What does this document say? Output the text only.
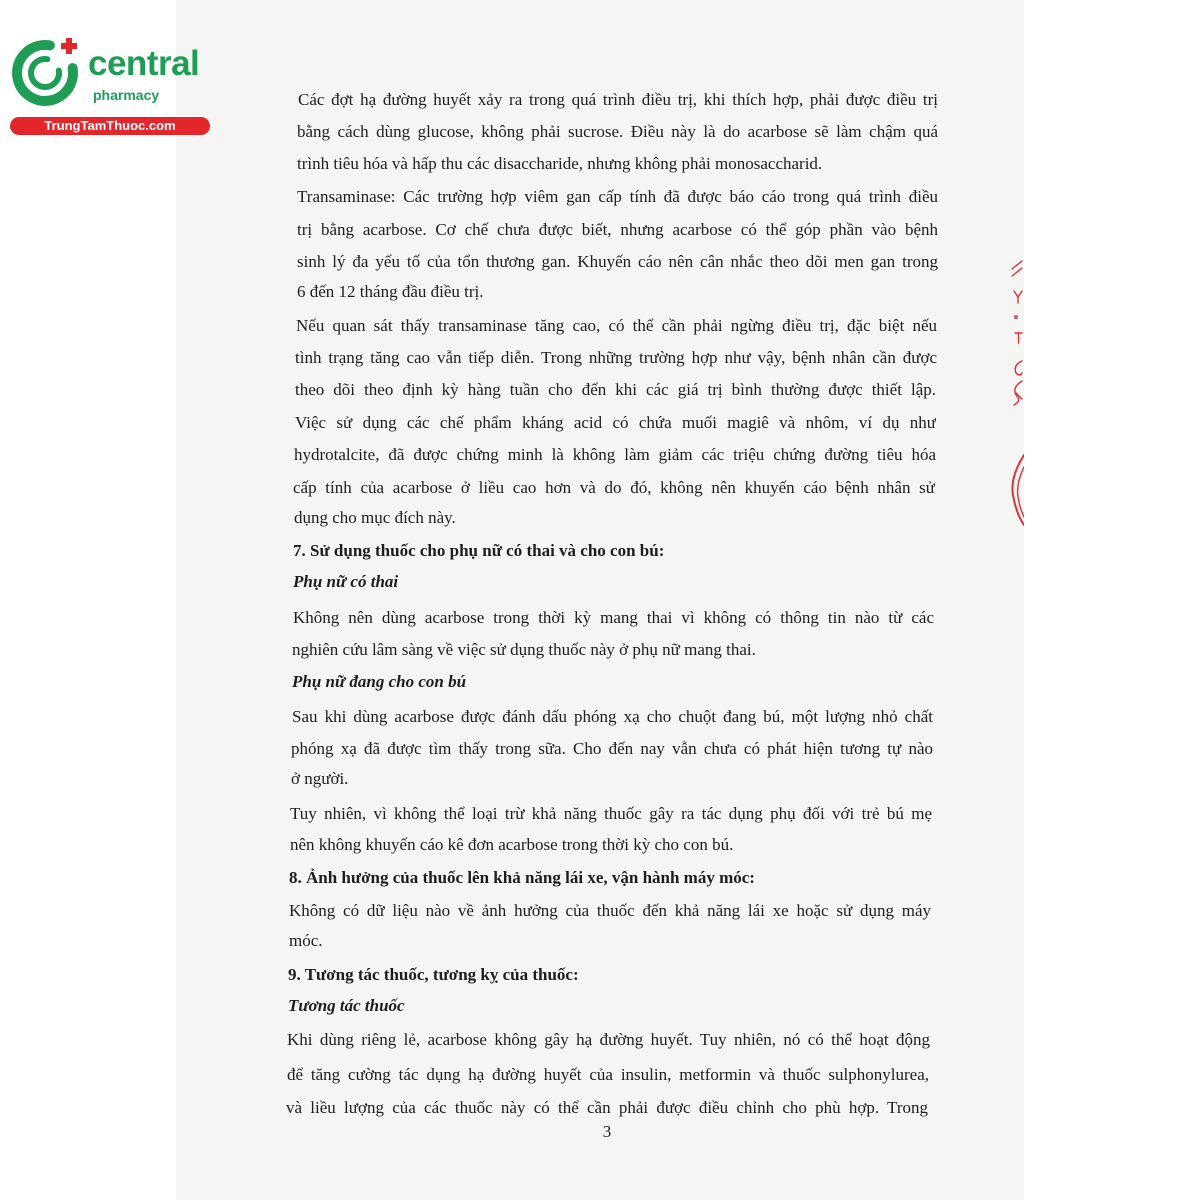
central
pharmacy
TrungTamThuoc.com
Các đợt hạ đường huyết xảy ra trong quá trình điều trị, khi thích hợp, phải được điều trị
bằng cách dùng glucose, không phải sucrose. Điều này là do acarbose sẽ làm chậm quá
trình tiêu hóa và hấp thu các disaccharide, nhưng không phải monosaccharid.
Transaminase: Các trường hợp viêm gan cấp tính đã được báo cáo trong quá trình điều
trị bằng acarbose. Cơ chế chưa được biết, nhưng acarbose có thể góp phần vào bệnh
sinh lý đa yếu tố của tổn thương gan. Khuyến cáo nên cân nhắc theo dõi men gan trong
6 đến 12 tháng đầu điều trị.
Nếu quan sát thấy transaminase tăng cao, có thể cần phải ngừng điều trị, đặc biệt nếu
tình trạng tăng cao vẫn tiếp diễn. Trong những trường hợp như vậy, bệnh nhân cần được
theo dõi theo định kỳ hàng tuần cho đến khi các giá trị bình thường được thiết lập.
Việc sử dụng các chế phẩm kháng acid có chứa muối magiê và nhôm, ví dụ như
hydrotalcite, đã được chứng minh là không làm giảm các triệu chứng đường tiêu hóa
cấp tính của acarbose ở liều cao hơn và do đó, không nên khuyến cáo bệnh nhân sử
dụng cho mục đích này.
7. Sử dụng thuốc cho phụ nữ có thai và cho con bú:
Phụ nữ có thai
Không nên dùng acarbose trong thời kỳ mang thai vì không có thông tin nào từ các
nghiên cứu lâm sàng về việc sử dụng thuốc này ở phụ nữ mang thai.
Phụ nữ đang cho con bú
Sau khi dùng acarbose được đánh dấu phóng xạ cho chuột đang bú, một lượng nhỏ chất
phóng xạ đã được tìm thấy trong sữa. Cho đến nay vẫn chưa có phát hiện tương tự nào
ở người.
Tuy nhiên, vì không thể loại trừ khả năng thuốc gây ra tác dụng phụ đối với trẻ bú mẹ
nên không khuyến cáo kê đơn acarbose trong thời kỳ cho con bú.
8. Ảnh hưởng của thuốc lên khả năng lái xe, vận hành máy móc:
Không có dữ liệu nào về ảnh hưởng của thuốc đến khả năng lái xe hoặc sử dụng máy
móc.
9. Tương tác thuốc, tương kỵ của thuốc:
Tương tác thuốc
Khi dùng riêng lẻ, acarbose không gây hạ đường huyết. Tuy nhiên, nó có thể hoạt động
để tăng cường tác dụng hạ đường huyết của insulin, metformin và thuốc sulphonylurea,
và liều lượng của các thuốc này có thể cần phải được điều chỉnh cho phù hợp. Trong
3
